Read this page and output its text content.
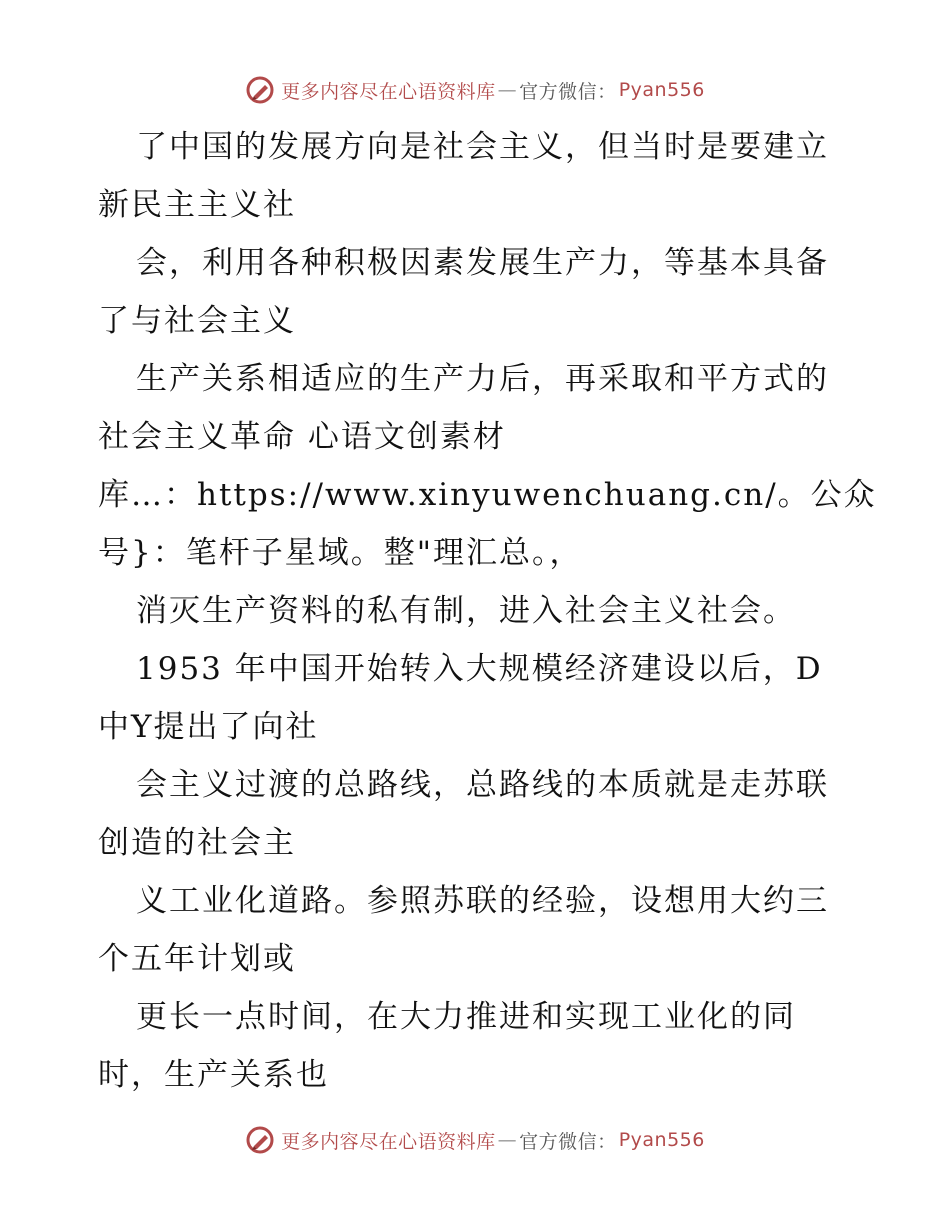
更多内容尽在心语资料库 — 官方微信： Pyan556
了中国的发展方向是社会主义，但当时是要建立
新民主主义社
会，利用各种积极因素发展生产力，等基本具备
了与社会主义
生产关系相适应的生产力后，再采取和平方式的
社会主义革命 心语文创素材
库…：https://www.xinyuwenchuang.cn/。公众
号}：笔杆子星域。整"理汇总。，
消灭生产资料的私有制，进入社会主义社会。
1953 年中国开始转入大规模经济建设以后，D
中Y提出了向社
会主义过渡的总路线，总路线的本质就是走苏联
创造的社会主
义工业化道路。参照苏联的经验，设想用大约三
个五年计划或
更长一点时间，在大力推进和实现工业化的同
时，生产关系也
更多内容尽在心语资料库 — 官方微信： Pyan556
